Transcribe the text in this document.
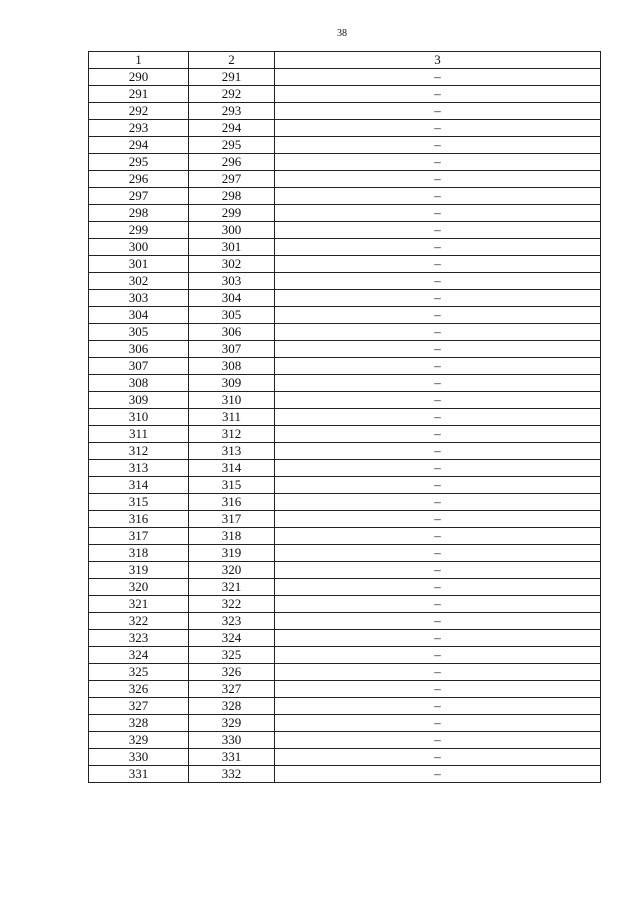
38
1	2	3
290	291	–
291	292	–
292	293	–
293	294	–
294	295	–
295	296	–
296	297	–
297	298	–
298	299	–
299	300	–
300	301	–
301	302	–
302	303	–
303	304	–
304	305	–
305	306	–
306	307	–
307	308	–
308	309	–
309	310	–
310	311	–
311	312	–
312	313	–
313	314	–
314	315	–
315	316	–
316	317	–
317	318	–
318	319	–
319	320	–
320	321	–
321	322	–
322	323	–
323	324	–
324	325	–
325	326	–
326	327	–
327	328	–
328	329	–
329	330	–
330	331	–
331	332	–
